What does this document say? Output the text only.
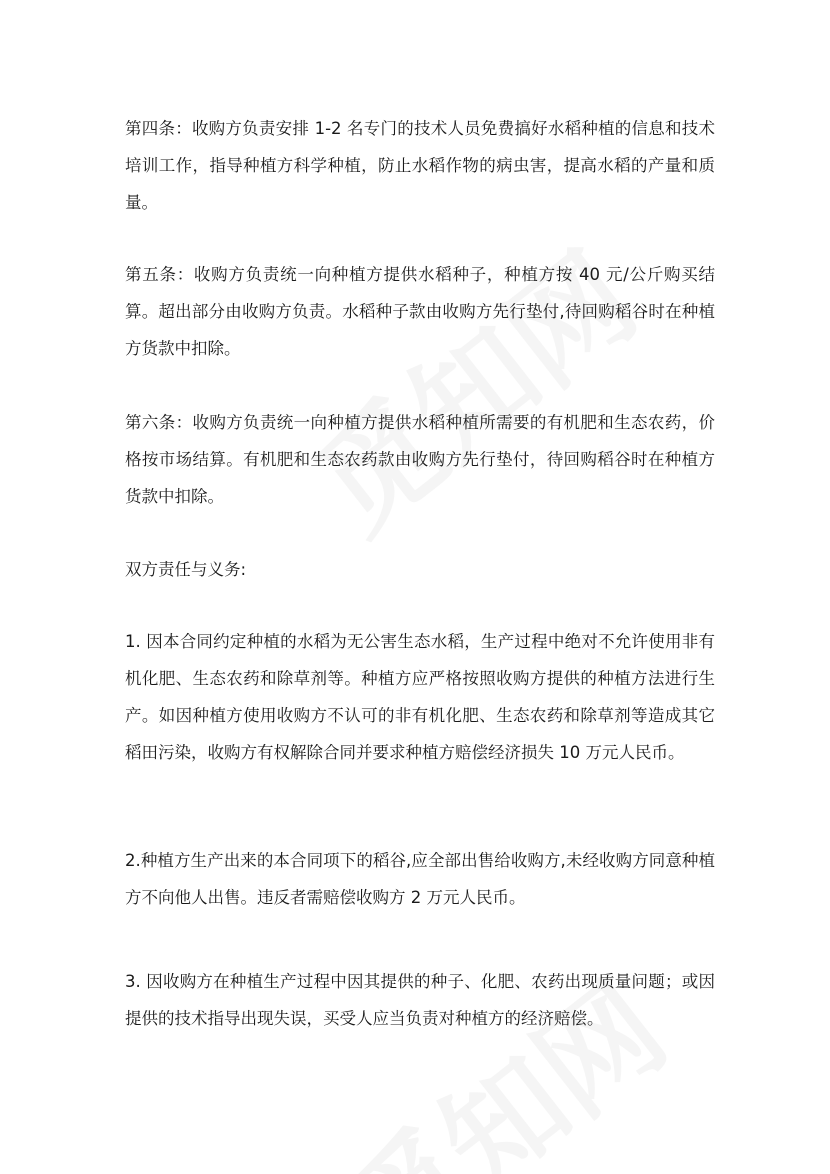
第四条：收购方负责安排 1-2 名专门的技术人员免费搞好水稻种植的信息和技术培训工作，指导种植方科学种植，防止水稻作物的病虫害，提高水稻的产量和质量。

第五条：收购方负责统一向种植方提供水稻种子，种植方按 40 元/公斤购买结算。超出部分由收购方负责。水稻种子款由收购方先行垫付,待回购稻谷时在种植方货款中扣除。

第六条：收购方负责统一向种植方提供水稻种植所需要的有机肥和生态农药，价格按市场结算。有机肥和生态农药款由收购方先行垫付，待回购稻谷时在种植方货款中扣除。

双方责任与义务:

1. 因本合同约定种植的水稻为无公害生态水稻，生产过程中绝对不允许使用非有机化肥、生态农药和除草剂等。种植方应严格按照收购方提供的种植方法进行生产。如因种植方使用收购方不认可的非有机化肥、生态农药和除草剂等造成其它稻田污染，收购方有权解除合同并要求种植方赔偿经济损失 10 万元人民币。

2.种植方生产出来的本合同项下的稻谷,应全部出售给收购方,未经收购方同意种植方不向他人出售。违反者需赔偿收购方 2 万元人民币。

3. 因收购方在种植生产过程中因其提供的种子、化肥、农药出现质量问题；或因提供的技术指导出现失误，买受人应当负责对种植方的经济赔偿。
